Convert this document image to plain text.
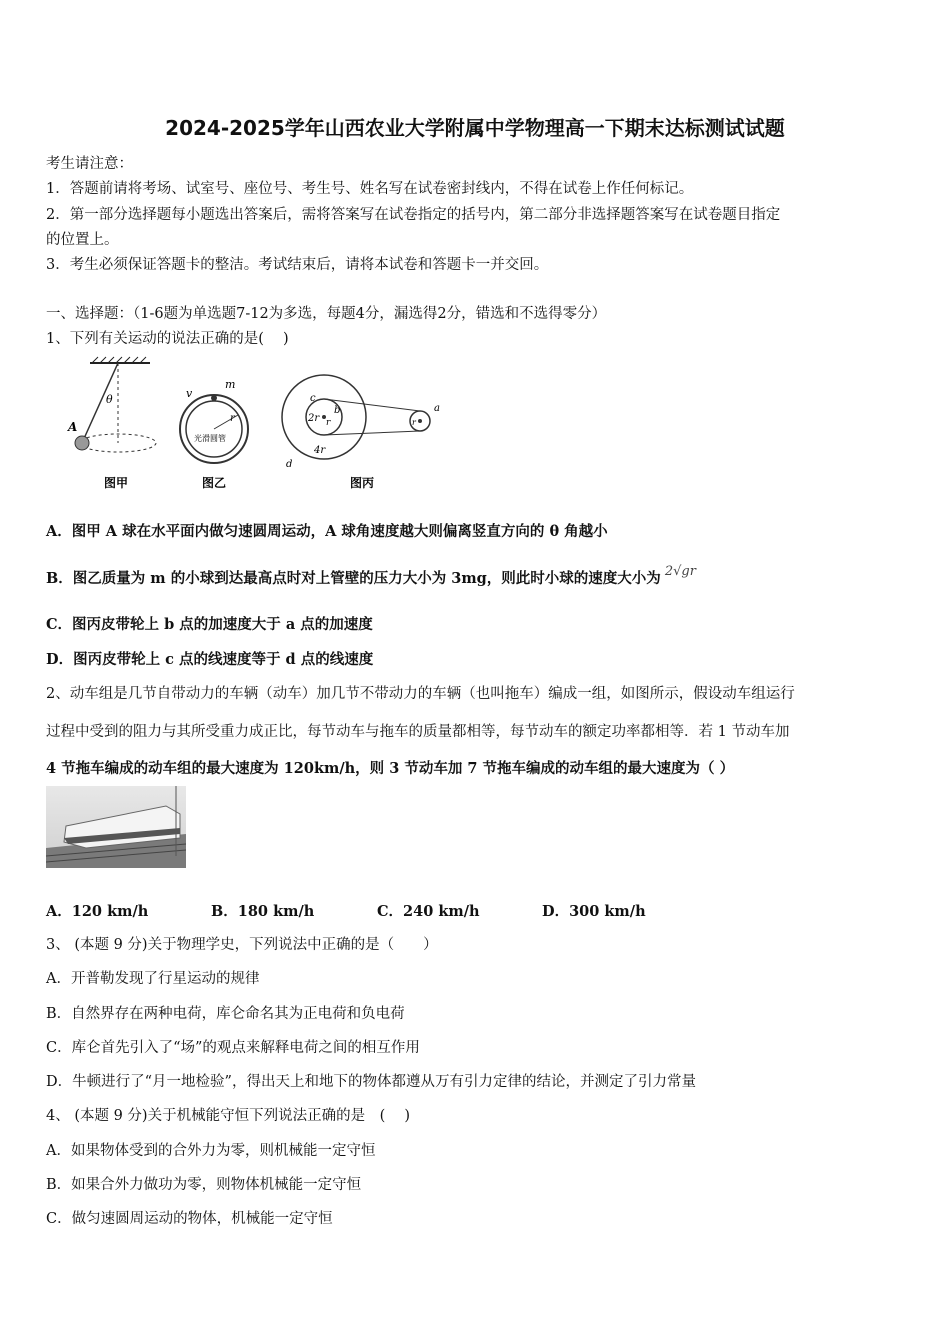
2024-2025学年山西农业大学附属中学物理高一下期末达标测试试题
考生请注意：
1．答题前请将考场、试室号、座位号、考生号、姓名写在试卷密封线内，不得在试卷上作任何标记。
2．第一部分选择题每小题选出答案后，需将答案写在试卷指定的括号内，第二部分非选择题答案写在试卷题目指定
的位置上。
3．考生必须保证答题卡的整洁。考试结束后，请将本试卷和答题卡一并交回。
一、选择题：（1-6题为单选题7-12为多选，每题4分，漏选得2分，错选和不选得零分）
1、下列有关运动的说法正确的是(　 )
θ
A
m
v
r
光滑圆管
c
2r
b
r
a
r
4r
d
图甲	图乙	图丙
A．图甲 A 球在水平面内做匀速圆周运动，A 球角速度越大则偏离竖直方向的 θ 角越小
B．图乙质量为 m 的小球到达最高点时对上管壁的压力大小为 3mg，则此时小球的速度大小为 2√gr
C．图丙皮带轮上 b 点的加速度大于 a 点的加速度
D．图丙皮带轮上 c 点的线速度等于 d 点的线速度
2、动车组是几节自带动力的车辆（动车）加几节不带动力的车辆（也叫拖车）编成一组，如图所示，假设动车组运行
过程中受到的阻力与其所受重力成正比，每节动车与拖车的质量都相等，每节动车的额定功率都相等．若 1 节动车加
4 节拖车编成的动车组的最大速度为 120km/h，则 3 节动车加 7 节拖车编成的动车组的最大速度为（ ）
A．120 km/h	B．180 km/h	C．240 km/h	D．300 km/h
3、 (本题 9 分)关于物理学史，下列说法中正确的是（　　）
A．开普勒发现了行星运动的规律
B．自然界存在两种电荷，库仑命名其为正电荷和负电荷
C．库仑首先引入了“场”的观点来解释电荷之间的相互作用
D．牛顿进行了“月一地检验”，得出天上和地下的物体都遵从万有引力定律的结论，并测定了引力常量
4、 (本题 9 分)关于机械能守恒下列说法正确的是　( 　)
A．如果物体受到的合外力为零，则机械能一定守恒
B．如果合外力做功为零，则物体机械能一定守恒
C．做匀速圆周运动的物体，机械能一定守恒
